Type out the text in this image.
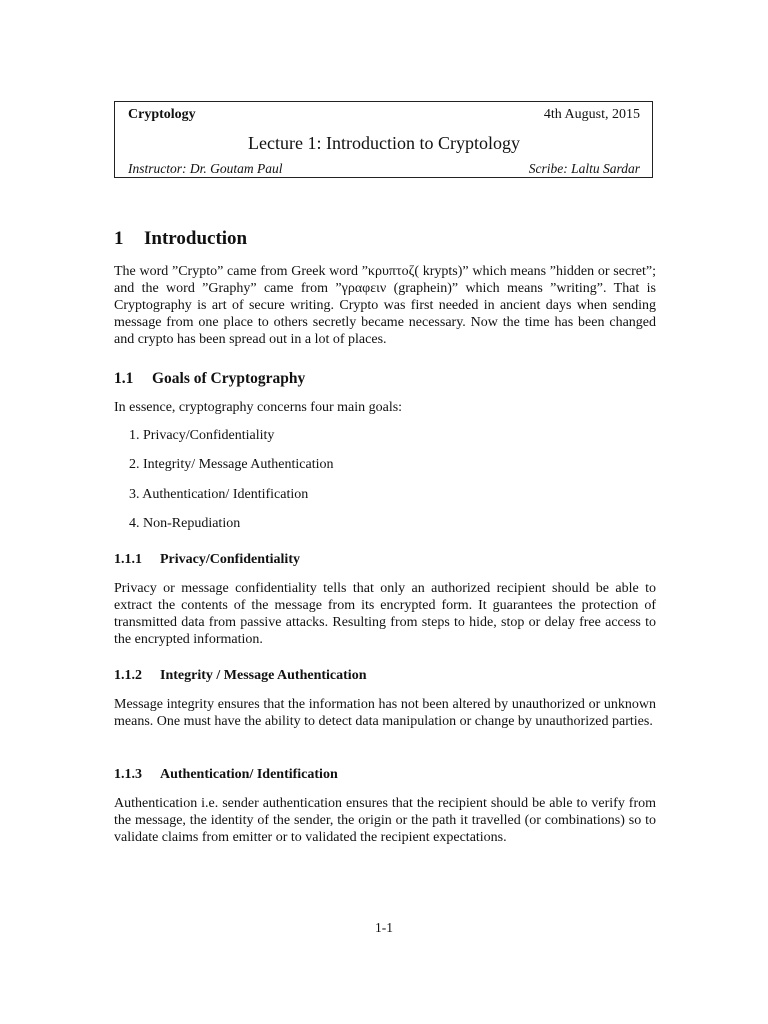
Cryptology	4th August, 2015
Lecture 1: Introduction to Cryptology
Instructor: Dr. Goutam Paul	Scribe: Laltu Sardar
1 Introduction

The word ”Crypto” came from Greek word ”κρυπτοζ( krypts)” which means ”hidden or secret”; and the word ”Graphy” came from ”γραφειν (graphein)” which means ”writing”. That is Cryptography is art of secure writing. Crypto was first needed in ancient days when sending message from one place to others secretly became necessary. Now the time has been changed and crypto has been spread out in a lot of places.

1.1 Goals of Cryptography

In essence, cryptography concerns four main goals:

1. Privacy/Confidentiality
2. Integrity/ Message Authentication
3. Authentication/ Identification
4. Non-Repudiation
1.1.1 Privacy/Confidentiality

Privacy or message confidentiality tells that only an authorized recipient should be able to extract the contents of the message from its encrypted form. It guarantees the protection of transmitted data from passive attacks. Resulting from steps to hide, stop or delay free access to the encrypted information.

1.1.2 Integrity / Message Authentication

Message integrity ensures that the information has not been altered by unauthorized or unknown means. One must have the ability to detect data manipulation or change by unauthorized parties.

1.1.3 Authentication/ Identification

Authentication i.e. sender authentication ensures that the recipient should be able to verify from the message, the identity of the sender, the origin or the path it travelled (or combinations) so to validate claims from emitter or to validated the recipient expectations.

1-1
